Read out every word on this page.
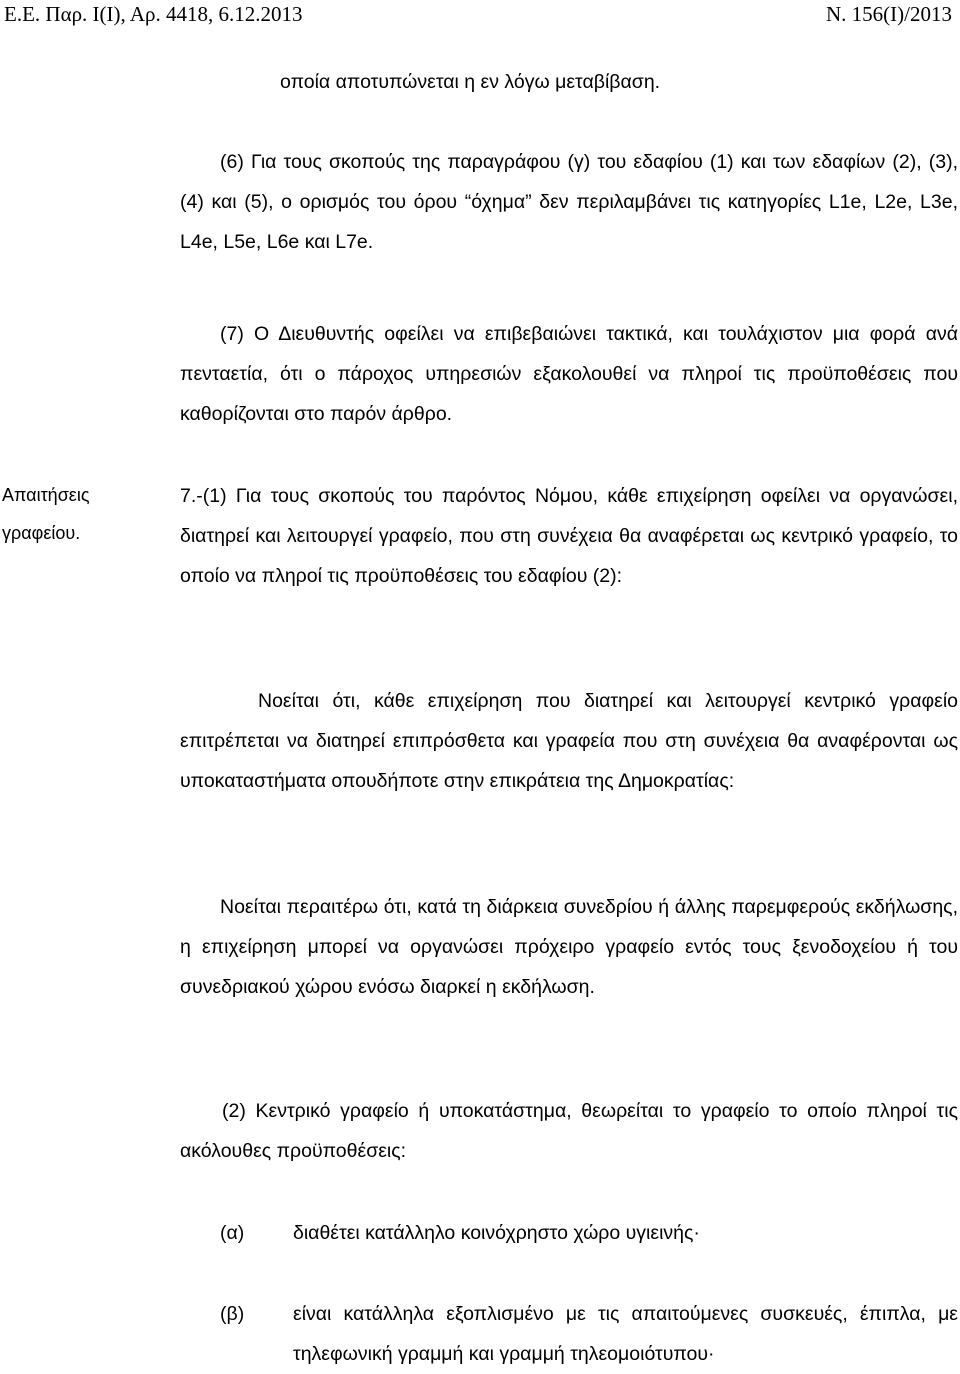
Ε.Ε. Παρ. Ι(Ι), Αρ. 4418, 6.12.2013	Ν. 156(Ι)/2013
οποία αποτυπώνεται η εν λόγω μεταβίβαση.
(6) Για τους σκοπούς της παραγράφου (γ) του εδαφίου (1) και των εδαφίων (2), (3), (4) και (5), ο ορισμός του όρου “όχημα” δεν περιλαμβάνει τις κατηγορίες L1e, L2e, L3e, L4e, L5e, L6e και L7e.
(7) Ο Διευθυντής οφείλει να επιβεβαιώνει τακτικά, και τουλάχιστον μια φορά ανά πενταετία, ότι ο πάροχος υπηρεσιών εξακολουθεί να πληροί τις προϋποθέσεις που καθορίζονται στο παρόν άρθρο.
Απαιτήσεις γραφείου.
7.-(1) Για τους σκοπούς του παρόντος Νόμου, κάθε επιχείρηση οφείλει να οργανώσει, διατηρεί και λειτουργεί γραφείο, που στη συνέχεια θα αναφέρεται ως κεντρικό γραφείο, το οποίο να πληροί τις προϋποθέσεις του εδαφίου (2):
Νοείται ότι, κάθε επιχείρηση που διατηρεί και λειτουργεί κεντρικό γραφείο επιτρέπεται να διατηρεί επιπρόσθετα και γραφεία που στη συνέχεια θα αναφέρονται ως υποκαταστήματα οπουδήποτε στην επικράτεια της Δημοκρατίας:
Νοείται περαιτέρω ότι, κατά τη διάρκεια συνεδρίου ή άλλης παρεμφερούς εκδήλωσης, η επιχείρηση μπορεί να οργανώσει πρόχειρο γραφείο εντός τους ξενοδοχείου ή του συνεδριακού χώρου ενόσω διαρκεί η εκδήλωση.
(2) Κεντρικό γραφείο ή υποκατάστημα, θεωρείται το γραφείο το οποίο πληροί τις ακόλουθες προϋποθέσεις:
(α) διαθέτει κατάλληλο κοινόχρηστο χώρο υγιεινής·
(β)	είναι κατάλληλα εξοπλισμένο με τις απαιτούμενες συσκευές, έπιπλα, με τηλεφωνική γραμμή και γραμμή τηλεομοιότυπου·
